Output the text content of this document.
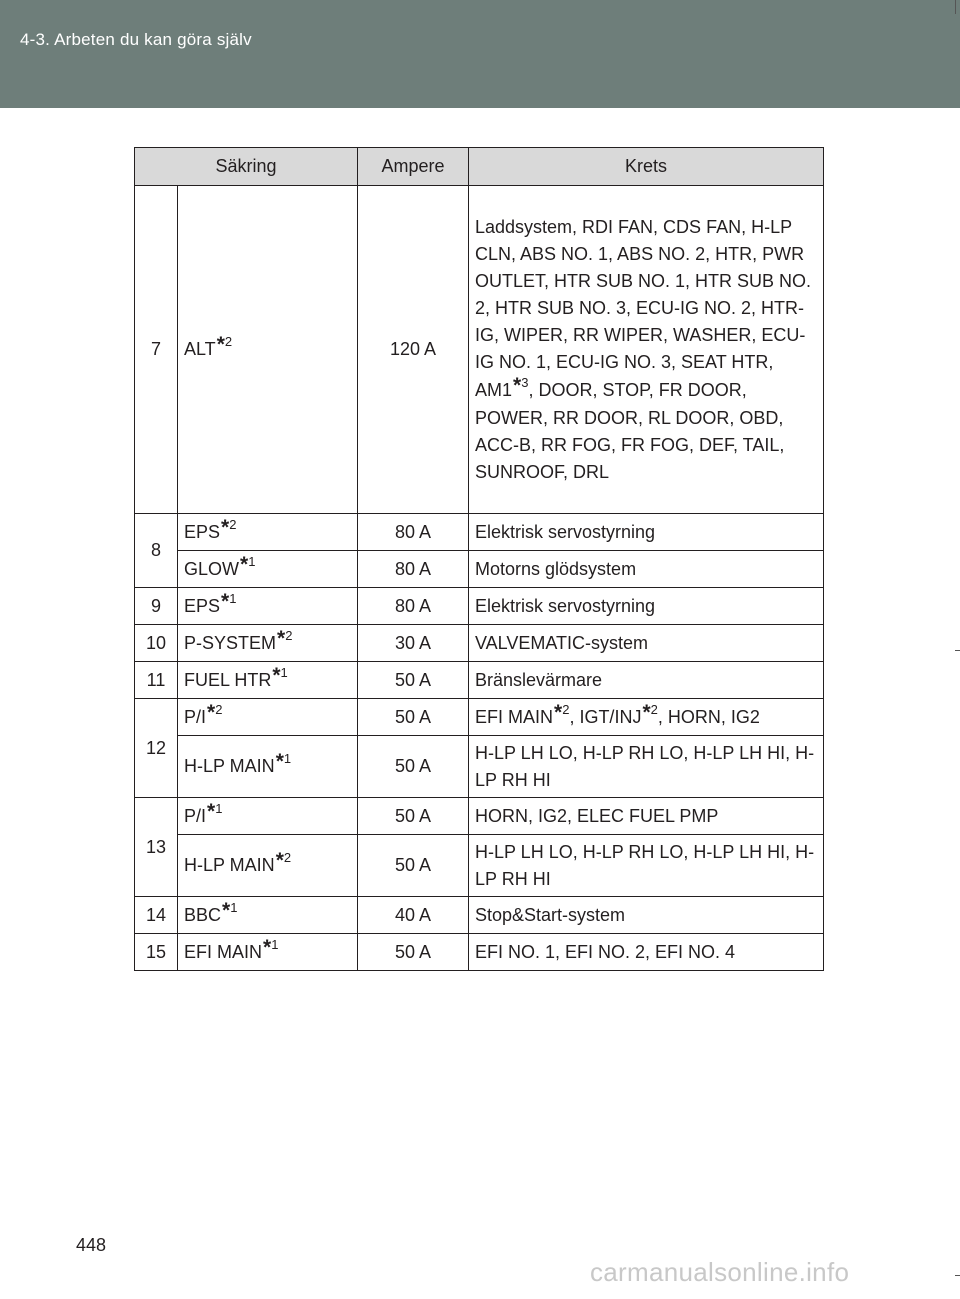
4-3. Arbeten du kan göra själv
Säkring		Ampere	Krets
7	ALT*$^2$	120 A	Laddsystem, RDI FAN, CDS FAN, H-LP CLN, ABS NO. 1, ABS NO. 2, HTR, PWR OUTLET, HTR SUB NO. 1, HTR SUB NO. 2, HTR SUB NO. 3, ECU-IG NO. 2, HTR-IG, WIPER, RR WIPER, WASHER, ECU-IG NO. 1, ECU-IG NO. 3, SEAT HTR, AM1*$^3$, DOOR, STOP, FR DOOR, POWER, RR DOOR, RL DOOR, OBD, ACC-B, RR FOG, FR FOG, DEF, TAIL, SUNROOF, DRL
8	EPS*$^2$	80 A	Elektrisk servostyrning
	GLOW*$^1$	80 A	Motorns glödsystem
9	EPS*$^1$	80 A	Elektrisk servostyrning
10	P-SYSTEM*$^2$	30 A	VALVEMATIC-system
11	FUEL HTR*$^1$	50 A	Bränslevärmare
12	P/I*$^2$	50 A	EFI MAIN*$^2$, IGT/INJ*$^2$, HORN, IG2
	H-LP MAIN*$^1$	50 A	H-LP LH LO, H-LP RH LO, H-LP LH HI, H-LP RH HI
13	P/I*$^1$	50 A	HORN, IG2, ELEC FUEL PMP
	H-LP MAIN*$^2$	50 A	H-LP LH LO, H-LP RH LO, H-LP LH HI, H-LP RH HI
14	BBC*$^1$	40 A	Stop&Start-system
15	EFI MAIN*$^1$	50 A	EFI NO. 1, EFI NO. 2, EFI NO. 4
448
carmanualsonline.info
